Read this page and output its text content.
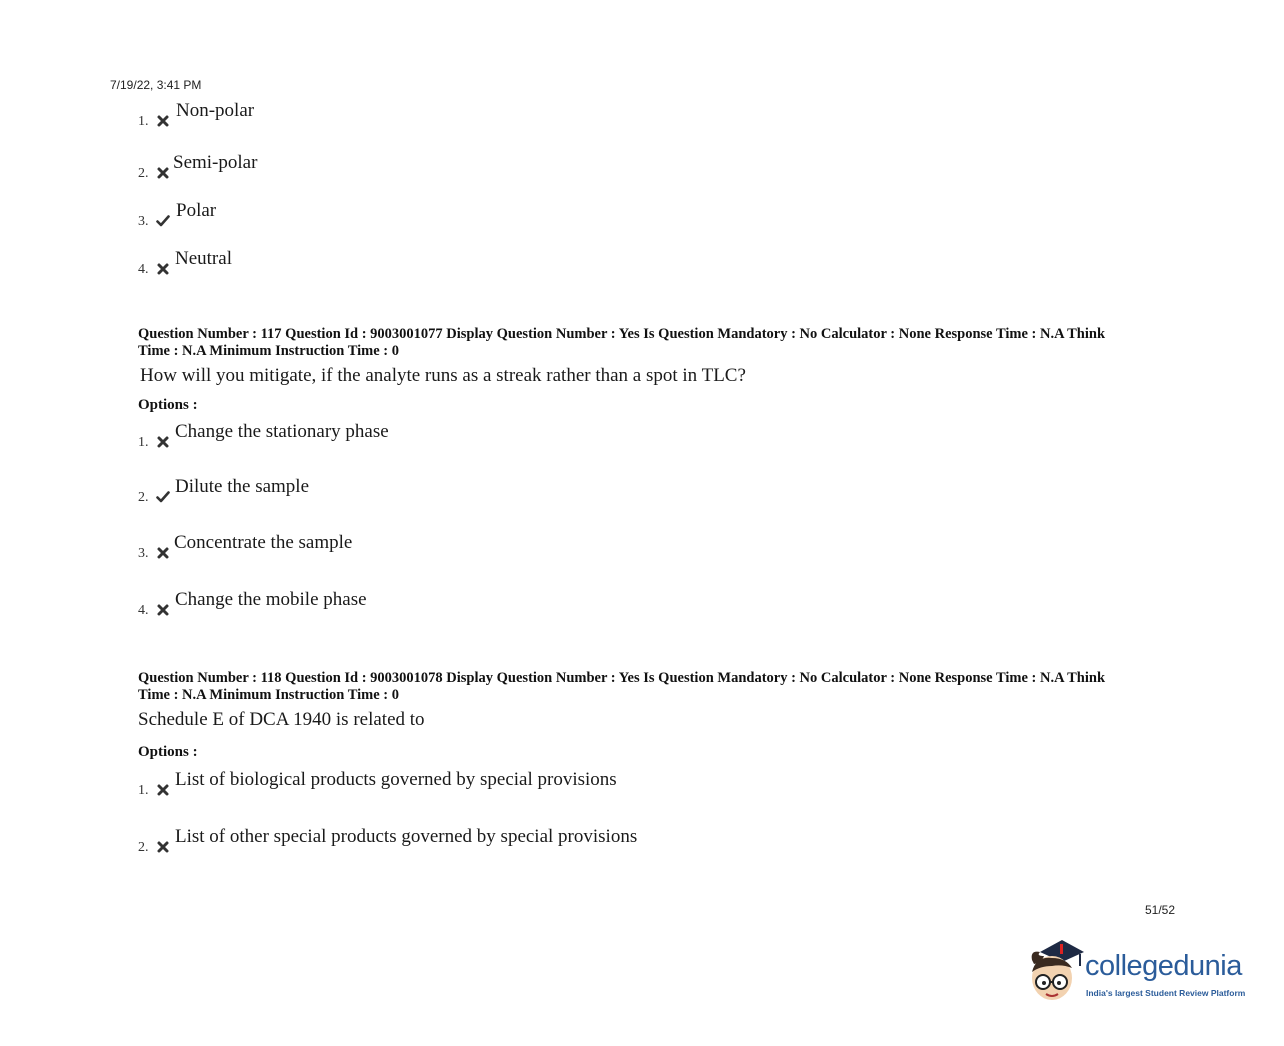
7/19/22, 3:41 PM
1.
Non-polar
2.
Semi-polar
3.
Polar
4.
Neutral
Question Number : 117 Question Id : 9003001077 Display Question Number : Yes Is Question Mandatory : No Calculator : None Response Time : N.A Think
Time : N.A Minimum Instruction Time : 0
How will you mitigate, if the analyte runs as a streak rather than a spot in TLC?
Options :
1.
Change the stationary phase
2.
Dilute the sample
3.
Concentrate the sample
4.
Change the mobile phase
Question Number : 118 Question Id : 9003001078 Display Question Number : Yes Is Question Mandatory : No Calculator : None Response Time : N.A Think
Time : N.A Minimum Instruction Time : 0
Schedule E of DCA 1940 is related to
Options :
1.
List of biological products governed by special provisions
2.
List of other special products governed by special provisions
51/52
collegedunia
India's largest Student Review Platform
